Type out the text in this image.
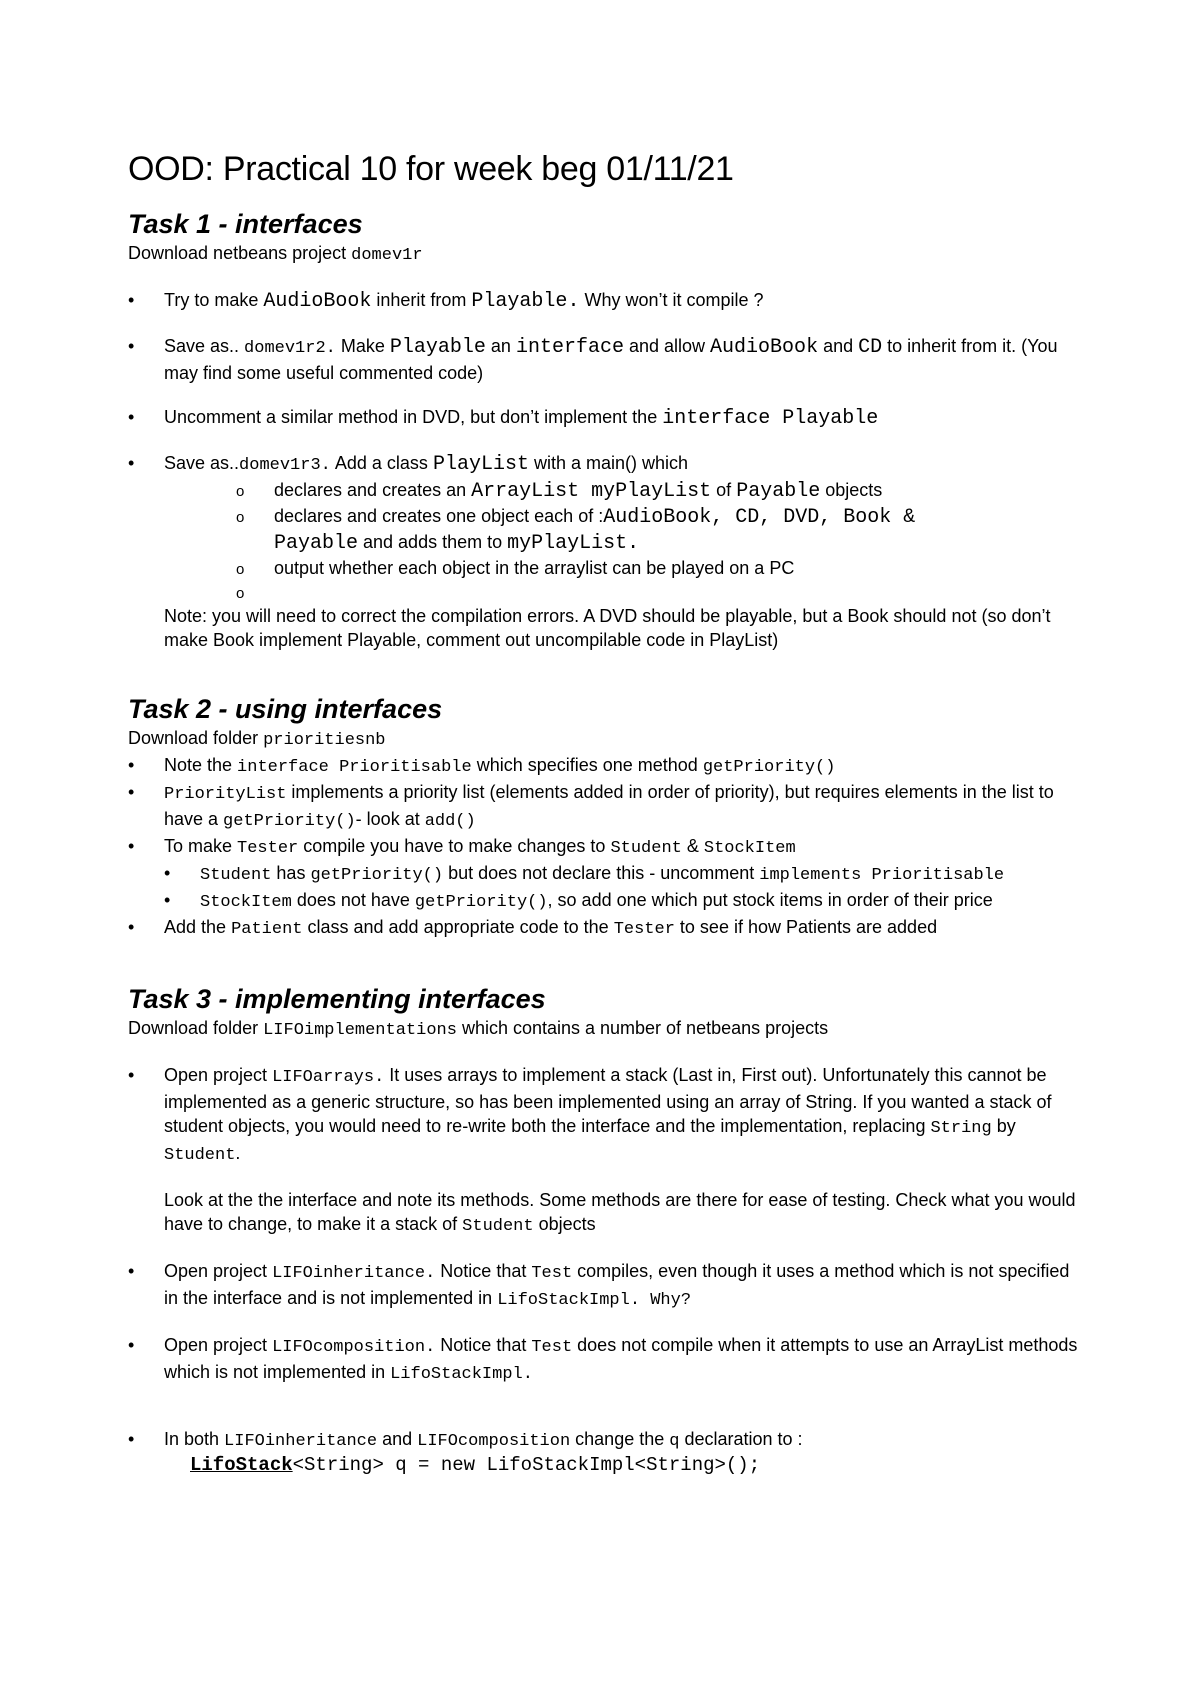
OOD: Practical 10 for week beg 01/11/21
Task 1 - interfaces

Download netbeans project domev1r

• Try to make AudioBook inherit from Playable. Why won’t it compile ?
• Save as.. domev1r2. Make Playable an interface and allow AudioBook and CD to inherit from it. (You may find some useful commented code)
• Uncomment a similar method in DVD, but don’t implement the interface Playable
• Save as..domev1r3. Add a class PlayList with a main() which
o declares and creates an ArrayList myPlayList of Payable objects
o declares and creates one object each of :AudioBook, CD, DVD, Book &
Payable and adds them to myPlayList.
o output whether each object in the arraylist can be played on a PC
o

Note: you will need to correct the compilation errors. A DVD should be playable, but a Book should not (so don’t make Book implement Playable, comment out uncompilable code in PlayList)

Task 2 - using interfaces

Download folder prioritiesnb

• Note the interface Prioritisable which specifies one method getPriority()
• PriorityList implements a priority list (elements added in order of priority), but requires elements in the list to have a getPriority()- look at add()
• To make Tester compile you have to make changes to Student & StockItem
• Student has getPriority() but does not declare this - uncomment implements Prioritisable
• StockItem does not have getPriority(), so add one which put stock items in order of their price
• Add the Patient class and add appropriate code to the Tester to see if how Patients are added
Task 3 - implementing interfaces

Download folder LIFOimplementations which contains a number of netbeans projects

• Open project LIFOarrays. It uses arrays to implement a stack (Last in, First out). Unfortunately this cannot be implemented as a generic structure, so has been implemented using an array of String. If you wanted a stack of student objects, you would need to re-write both the interface and the implementation, replacing String by Student.
Look at the the interface and note its methods. Some methods are there for ease of testing. Check what you would have to change, to make it a stack of Student objects
• Open project LIFOinheritance. Notice that Test compiles, even though it uses a method which is not specified in the interface and is not implemented in LifoStackImpl. Why?
• Open project LIFOcomposition. Notice that Test does not compile when it attempts to use an ArrayList methods which is not implemented in LifoStackImpl.
• In both LIFOinheritance and LIFOcomposition change the q declaration to :
LifoStack<String> q = new LifoStackImpl<String>();
